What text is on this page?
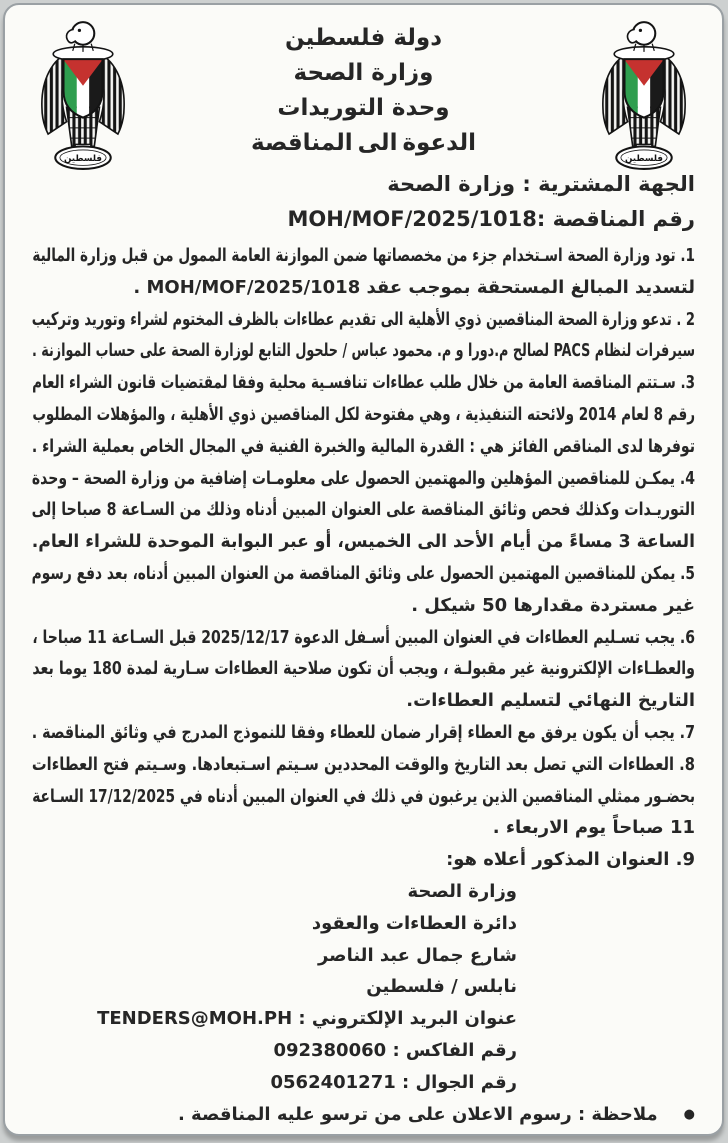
دولة فلسطين
وزارة الصحة
وحدة التوريدات
الدعوة الى المناقصة
الجهة المشترية : وزارة الصحة
رقم المناقصة :MOH/MOF/2025/1018
1. تود وزارة الصحة اسـتخدام جزء من مخصصاتها ضمن الموازنة العامة الممول من قبل وزارة المالية
لتسديد المبالغ المستحقة بموجب عقد MOH/MOF/2025/1018 .
2 . تدعو وزارة الصحة المناقصين ذوي الأهلية الى تقديم عطاءات بالظرف المختوم لشراء وتوريد وتركيب
سيرفرات لنظام PACS لصالح م.دورا و م. محمود عباس / حلحول التابع لوزارة الصحة على حساب الموازنة .
3. سـتتم المناقصة العامة من خلال طلب عطاءات تنافسـية محلية وفقا لمقتضيات قانون الشراء العام
رقم 8 لعام 2014 ولائحته التنفيذية ، وهي مفتوحة لكل المناقصين ذوي الأهلية ، والمؤهلات المطلوب
توفرها لدى المناقص الفائز هي : القدرة المالية والخبرة الفنية في المجال الخاص بعملية الشراء .
4. يمكـن للمناقصين المؤهلين والمهتمين الحصول على معلومـات إضافية من وزارة الصحة – وحدة
التوريـدات وكذلك فحص وثائق المناقصة على العنوان المبين أدناه وذلك من السـاعة 8 صباحا إلى
الساعة 3 مساءً من أيام الأحد الى الخميس، أو عبر البوابة الموحدة للشراء العام.
5. يمكن للمناقصين المهتمين الحصول على وثائق المناقصة من العنوان المبين أدناه، بعد دفع رسوم
غير مستردة مقدارها 50 شيكل .
6. يجب تسـليم العطاءات في العنوان المبين أسـفل الدعوة 2025/12/17 قبل السـاعة 11 صباحا ،
والعطـاءات الإلكترونية غير مقبولـة ، ويجب أن تكون صلاحية العطاءات سـارية لمدة 180 يوما بعد
التاريخ النهائي لتسليم العطاءات.
7. يجب أن يكون يرفق مع العطاء إقرار ضمان للعطاء وفقا للنموذج المدرج في وثائق المناقصة .
8. العطاءات التي تصل بعد التاريخ والوقت المحددين سـيتم اسـتبعادها. وسـيتم فتح العطاءات
بحضـور ممثلي المناقصين الذين يرغبون في ذلك في العنوان المبين أدناه في 17/12/2025 السـاعة
11 صباحاً يوم الاربعاء .
9. العنوان المذكور أعلاه هو:
وزارة الصحة
دائرة العطاءات والعقود
شارع جمال عبد الناصر
نابلس / فلسطين
عنوان البريد الإلكتروني : TENDERS@MOH.PH
رقم الفاكس : 092380060
رقم الجوال : 0562401271
●
ملاحظة : رسوم الاعلان على من ترسو عليه المناقصة .
